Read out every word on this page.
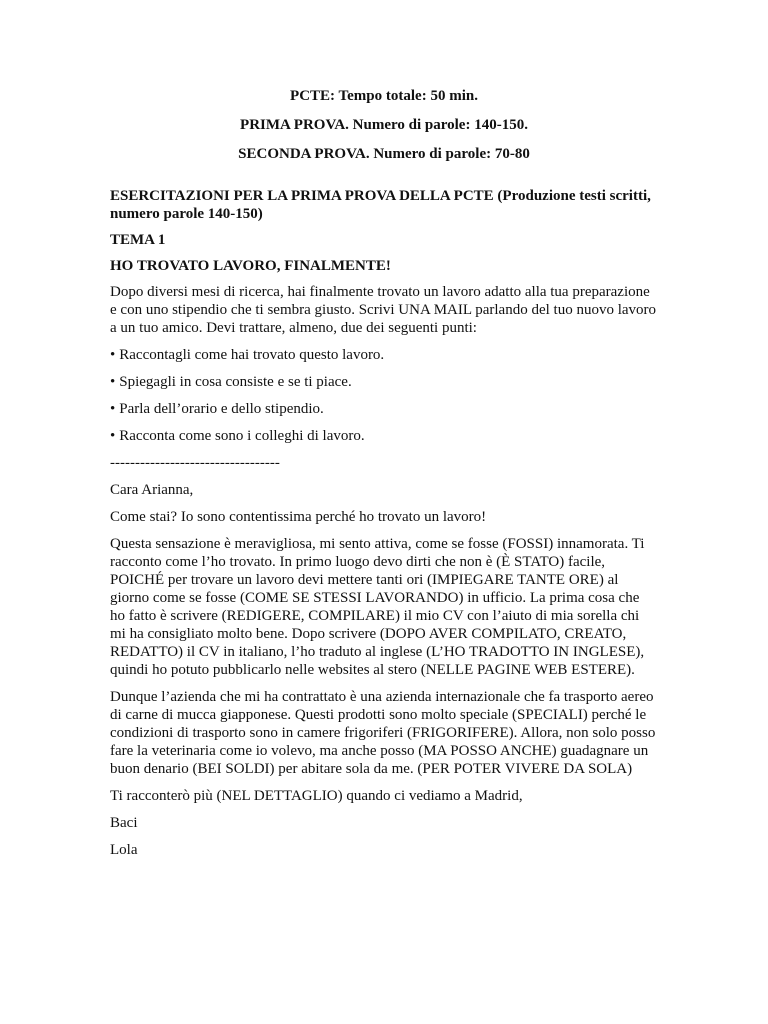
PCTE: Tempo totale: 50 min.
PRIMA PROVA. Numero di parole: 140-150.
SECONDA PROVA. Numero di parole: 70-80
ESERCITAZIONI PER LA PRIMA PROVA DELLA PCTE (Produzione testi scritti, numero parole 140-150)
TEMA 1
HO TROVATO LAVORO, FINALMENTE!
Dopo diversi mesi di ricerca, hai finalmente trovato un lavoro adatto alla tua preparazione e con uno stipendio che ti sembra giusto. Scrivi UNA MAIL parlando del tuo nuovo lavoro a un tuo amico. Devi trattare, almeno, due dei seguenti punti:
• Raccontagli come hai trovato questo lavoro.
• Spiegagli in cosa consiste e se ti piace.
• Parla dell’orario e dello stipendio.
• Racconta come sono i colleghi di lavoro.
----------------------------------
Cara Arianna,
Come stai? Io sono contentissima perché ho trovato un lavoro!
Questa sensazione è meravigliosa, mi sento attiva, come se fosse (FOSSI) innamorata. Ti racconto come l’ho trovato. In primo luogo devo dirti che non è (È STATO) facile, POICHÉ per trovare un lavoro devi mettere tanti ori (IMPIEGARE TANTE ORE) al giorno come se fosse (COME SE STESSI LAVORANDO) in ufficio. La prima cosa che ho fatto è scrivere (REDIGERE, COMPILARE) il mio CV con l’aiuto di mia sorella chi mi ha consigliato molto bene. Dopo scrivere (DOPO AVER COMPILATO, CREATO, REDATTO) il CV in italiano, l’ho traduto al inglese (L’HO TRADOTTO IN INGLESE), quindi ho potuto pubblicarlo nelle websites al stero (NELLE PAGINE WEB ESTERE).
Dunque l’azienda che mi ha contrattato è una azienda internazionale che fa trasporto aereo di carne di mucca giapponese. Questi prodotti sono molto speciale (SPECIALI) perché le condizioni di trasporto sono in camere frigoriferi (FRIGORIFERE). Allora, non solo posso fare la veterinaria come io volevo, ma anche posso (MA POSSO ANCHE) guadagnare un buon denario (BEI SOLDI) per abitare sola da me. (PER POTER VIVERE DA SOLA)
Ti racconterò più (NEL DETTAGLIO) quando ci vediamo a Madrid,
Baci
Lola
